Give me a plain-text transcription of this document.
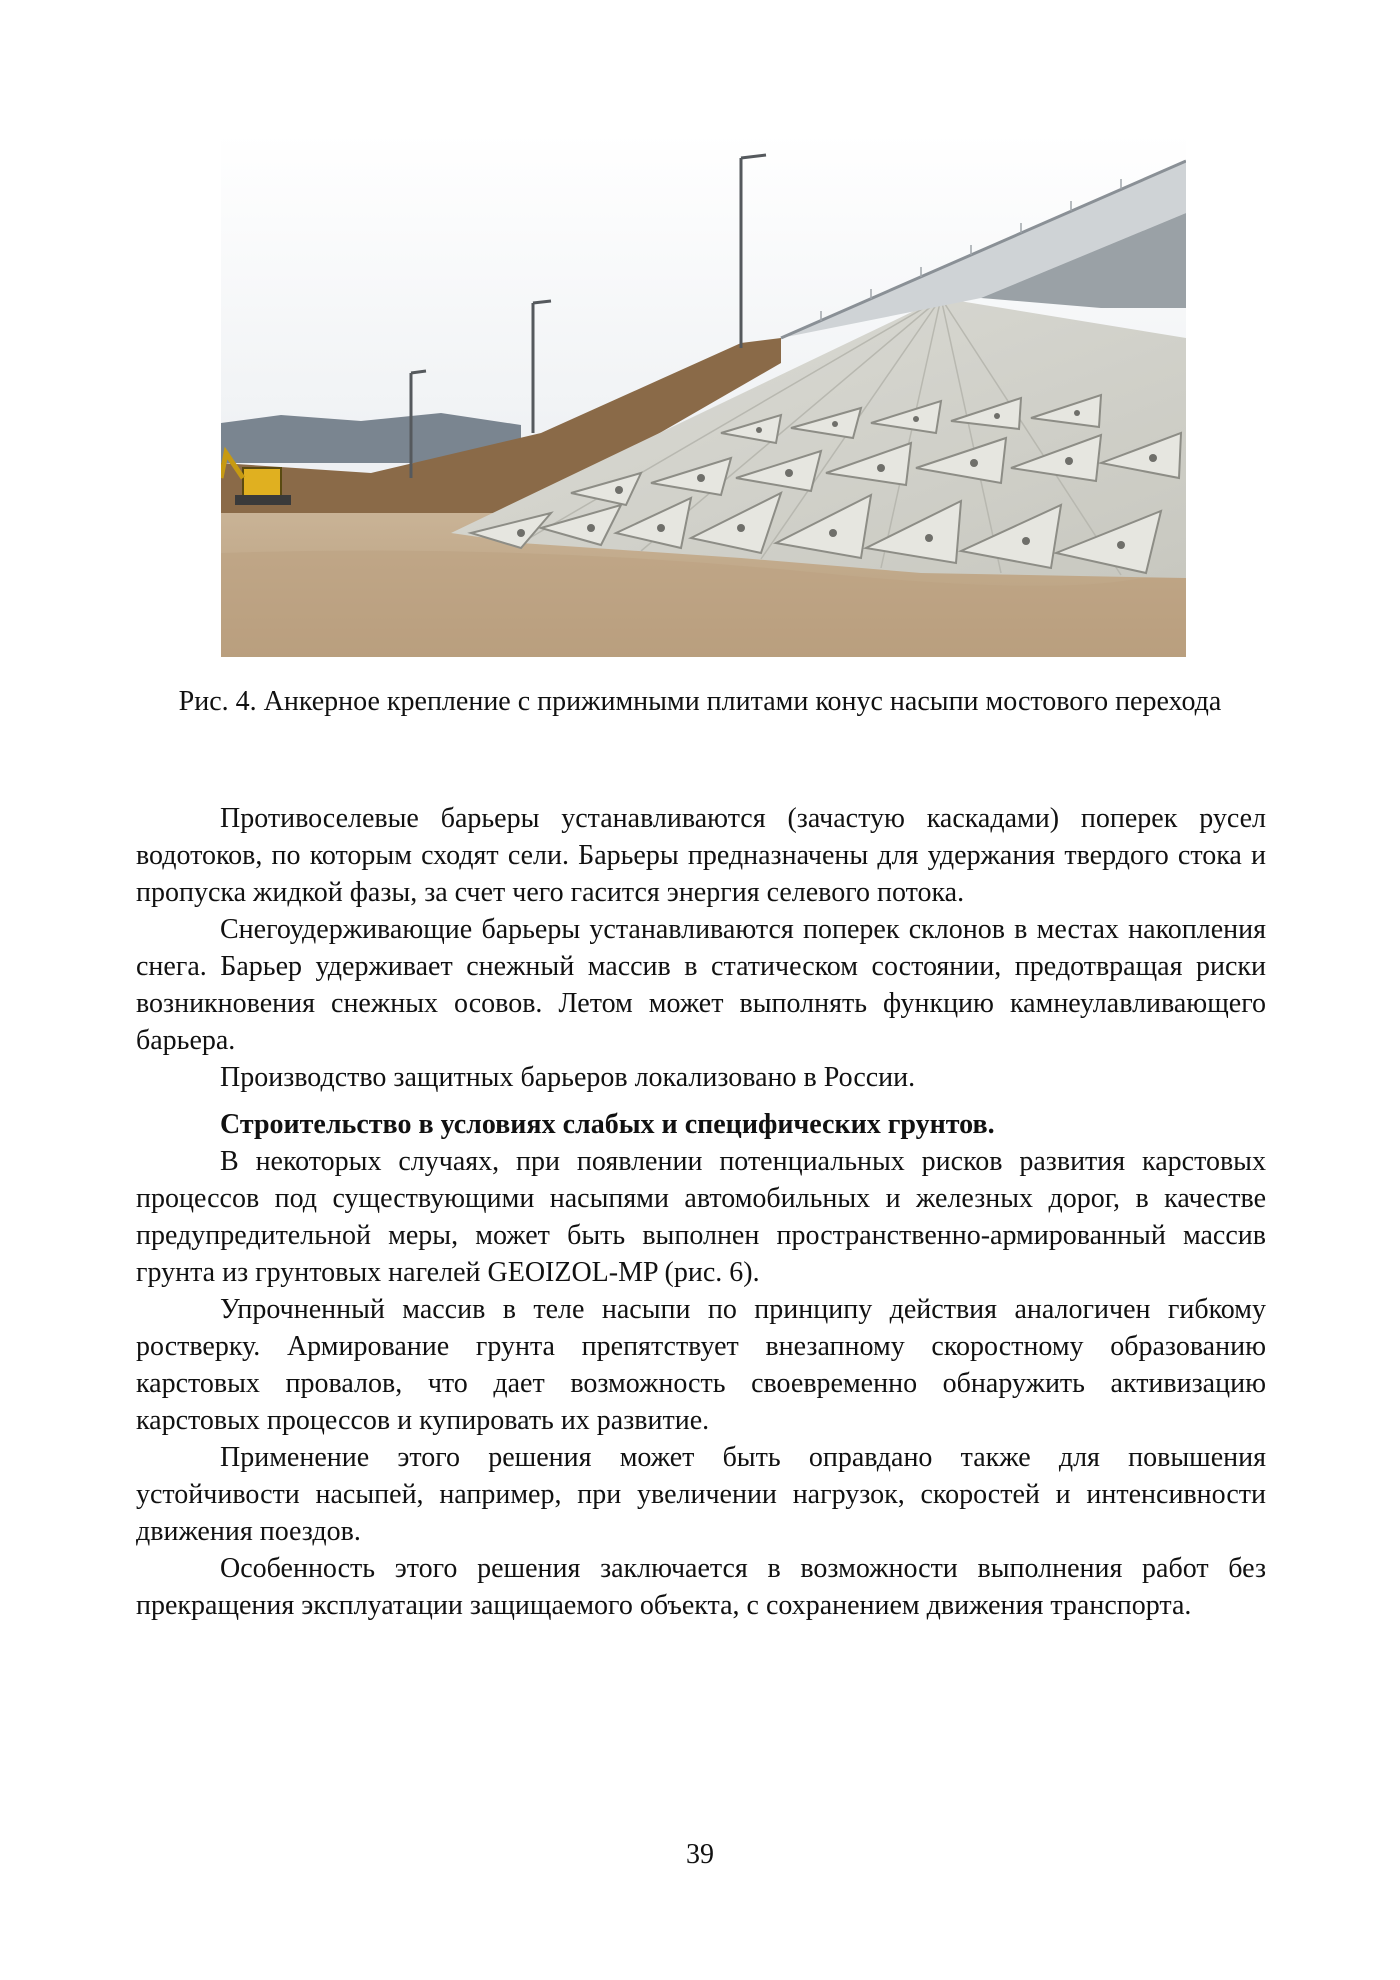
Рис. 4. Анкерное крепление с прижимными плитами конус насыпи мостового перехода

Противоселевые барьеры устанавливаются (зачастую каскадами) поперек русел водотоков, по которым сходят сели. Барьеры предназначены для удержания твердого стока и пропуска жидкой фазы, за счет чего гасится энергия селевого потока.

Снегоудерживающие барьеры устанавливаются поперек склонов в местах накопления снега. Барьер удерживает снежный массив в статическом состоянии, предотвращая риски возникновения снежных осовов. Летом может выполнять функцию камнеулавливающего барьера.

Производство защитных барьеров локализовано в России.

Строительство в условиях слабых и специфических грунтов.

В некоторых случаях, при появлении потенциальных рисков развития карстовых процессов под существующими насыпями автомобильных и железных дорог, в качестве предупредительной меры, может быть выполнен пространственно-армированный массив грунта из грунтовых нагелей GEOIZOL-MP (рис. 6).

Упрочненный массив в теле насыпи по принципу действия аналогичен гибкому ростверку. Армирование грунта препятствует внезапному скоростному образованию карстовых провалов, что дает возможность своевременно обнаружить активизацию карстовых процессов и купировать их развитие.

Применение этого решения может быть оправдано также для повышения устойчивости насыпей, например, при увеличении нагрузок, скоростей и интенсивности движения поездов.

Особенность этого решения заключается в возможности выполнения работ без прекращения эксплуатации защищаемого объекта, с сохранением движения транспорта.

39
